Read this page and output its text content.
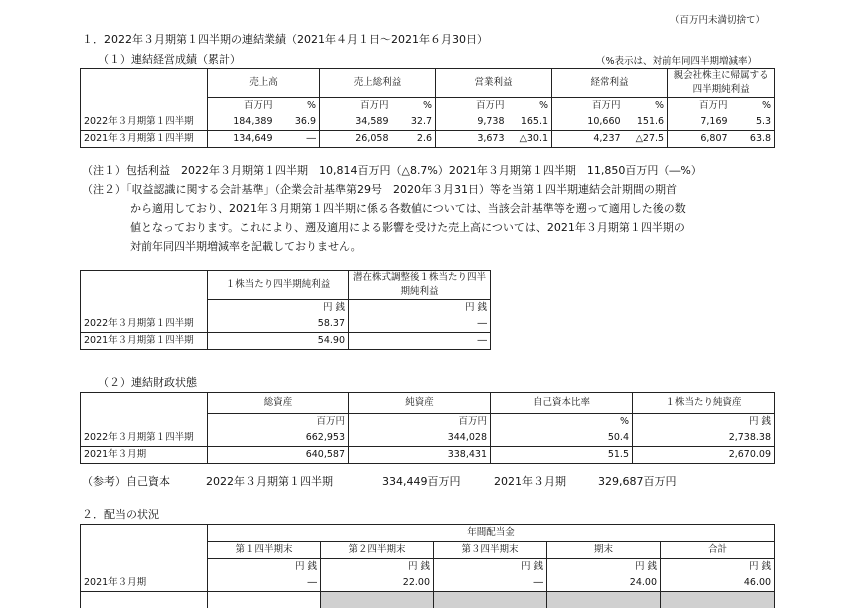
（百万円未満切捨て）
１．2022年３月期第１四半期の連結業績（2021年４月１日～2021年６月30日）
（１）連結経営成績（累計）	（%表示は、対前年同四半期増減率）
	売上高		売上総利益		営業利益		経常利益		親会社株主に帰属する四半期純利益	
	百万円	%	百万円	%	百万円	%	百万円	%	百万円	%
2022年３月期第１四半期	184,389	36.9	34,589	32.7	9,738	165.1	10,660	151.6	7,169	5.3
2021年３月期第１四半期	134,649	―	26,058	2.6	3,673	△30.1	4,237	△27.5	6,807	63.8
（注１）包括利益　2022年３月期第１四半期　10,814百万円（△8.7%）2021年３月期第１四半期　11,850百万円（―%）
（注２）「収益認識に関する会計基準」（企業会計基準第29号　2020年３月31日）等を当第１四半期連結会計期間の期首
から適用しており、2021年３月期第１四半期に係る各数値については、当該会計基準等を遡って適用した後の数
値となっております。これにより、遡及適用による影響を受けた売上高については、2021年３月期第１四半期の
対前年同四半期増減率を記載しておりません。
	１株当たり四半期純利益	潜在株式調整後１株当たり四半期純利益
	円 銭	円 銭
2022年３月期第１四半期	58.37	―
2021年３月期第１四半期	54.90	―
（２）連結財政状態
	総資産	純資産	自己資本比率	１株当たり純資産
	百万円	百万円	%	円 銭
2022年３月期第１四半期	662,953	344,028	50.4	2,738.38
2021年３月期	640,587	338,431	51.5	2,670.09
（参考）自己資本	2022年３月期第１四半期	334,449百万円	2021年３月期	329,687百万円
２．配当の状況
	年間配当金				
	第１四半期末	第２四半期末	第３四半期末	期末	合計
	円 銭	円 銭	円 銭	円 銭	円 銭
2021年３月期	―	22.00	―	24.00	46.00
